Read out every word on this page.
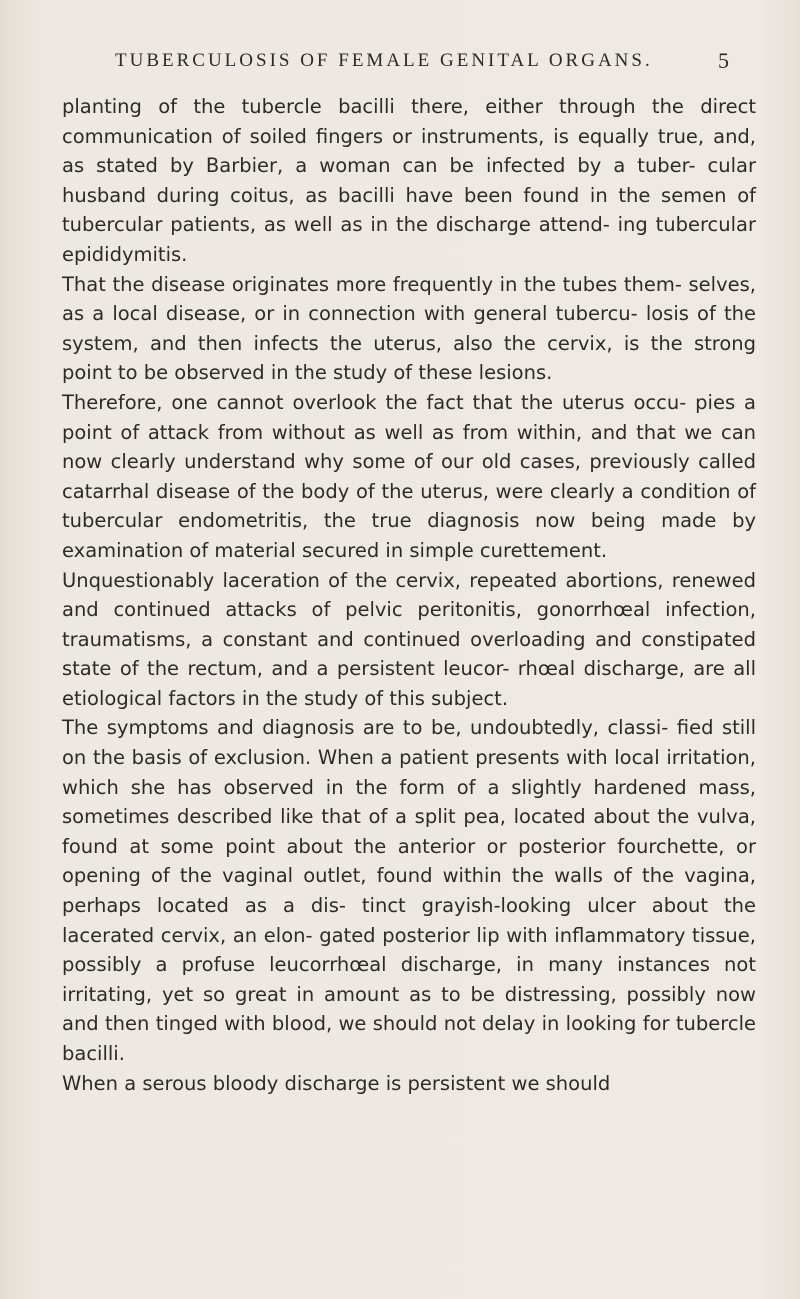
TUBERCULOSIS OF FEMALE GENITAL ORGANS.	5

planting of the tubercle bacilli there, either through the direct communication of soiled fingers or instruments, is equally true, and, as stated by Barbier, a woman can be infected by a tuber- cular husband during coitus, as bacilli have been found in the semen of tubercular patients, as well as in the discharge attend- ing tubercular epididymitis.

That the disease originates more frequently in the tubes them- selves, as a local disease, or in connection with general tubercu- losis of the system, and then infects the uterus, also the cervix, is the strong point to be observed in the study of these lesions.

Therefore, one cannot overlook the fact that the uterus occu- pies a point of attack from without as well as from within, and that we can now clearly understand why some of our old cases, previously called catarrhal disease of the body of the uterus, were clearly a condition of tubercular endometritis, the true diagnosis now being made by examination of material secured in simple curettement.

Unquestionably laceration of the cervix, repeated abortions, renewed and continued attacks of pelvic peritonitis, gonorrhœal infection, traumatisms, a constant and continued overloading and constipated state of the rectum, and a persistent leucor- rhœal discharge, are all etiological factors in the study of this subject.

The symptoms and diagnosis are to be, undoubtedly, classi- fied still on the basis of exclusion. When a patient presents with local irritation, which she has observed in the form of a slightly hardened mass, sometimes described like that of a split pea, located about the vulva, found at some point about the anterior or posterior fourchette, or opening of the vaginal outlet, found within the walls of the vagina, perhaps located as a dis- tinct grayish-looking ulcer about the lacerated cervix, an elon- gated posterior lip with inflammatory tissue, possibly a profuse leucorrhœal discharge, in many instances not irritating, yet so great in amount as to be distressing, possibly now and then tinged with blood, we should not delay in looking for tubercle bacilli.

When a serous bloody discharge is persistent we should
